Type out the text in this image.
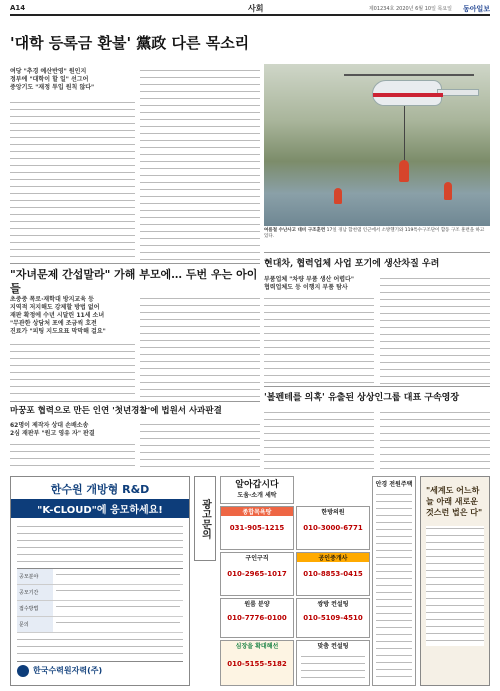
A14	사회	제01234호 2020년 6월 10일 목요일 동아일보
'대학 등록금 환불' 黨政 다른 목소리
여당 "추경 예산반영" 원인지
정부에 "대학이 할 일" 선그어
중앙기도 "재정 투입 원칙 않다"
여름철 수난사고 대비 구조훈련 17일 경남 합천댐 인근에서 소방헬기와 119특수구조단이 합동 구조 훈련을 하고 있다.
"자녀문제 간섭말라" 가해 부모에… 두번 우는 아이들
초중중 폭로·재학대 방지교육 등
지역적 저지해도 강제할 방법 없어
재판 확정에 수년 시달린 11세 소녀
"무관한 상담처 포에 조금씩 호전
진료가 "피팅 지도요표 막막해 걸요"
현대차, 협력업체 사업 포기에 생산차질 우려
부품업체 "차량 부품 생산 어렵다"
협력업체도 등 이행지 부품 탐사
'볼펜테를 의혹' 유출된 상상인그룹 대표 구속영장
마꿍포 협력으로 만든 인연 '첫년경찰'에 법원서 사과판결
62명이 제작자 상대 손배소송
2심 재판부 "원고 영유 자" 판결
한수원 개방형 R&D
"K-CLOUD"에 응모하세요!
공모분야
공모기간
접수방법
문의
한국수력원자력(주)
광고문의
알아갑시다
도움·소개 세탁
종합목욕탕
031-905-1215
한방의원
010-3000-6771
구인구직
010-2965-1017
공인중개사
010-8853-0415
원룸 분양
010-7776-0100
쌍방 컨설팅
010-5109-4510
심장을 확대해선
010-5155-5182
맞춤 컨설팅
안경 전원주택
"세계도 어느하늘 아래 새로운 것스런 법은 다"
